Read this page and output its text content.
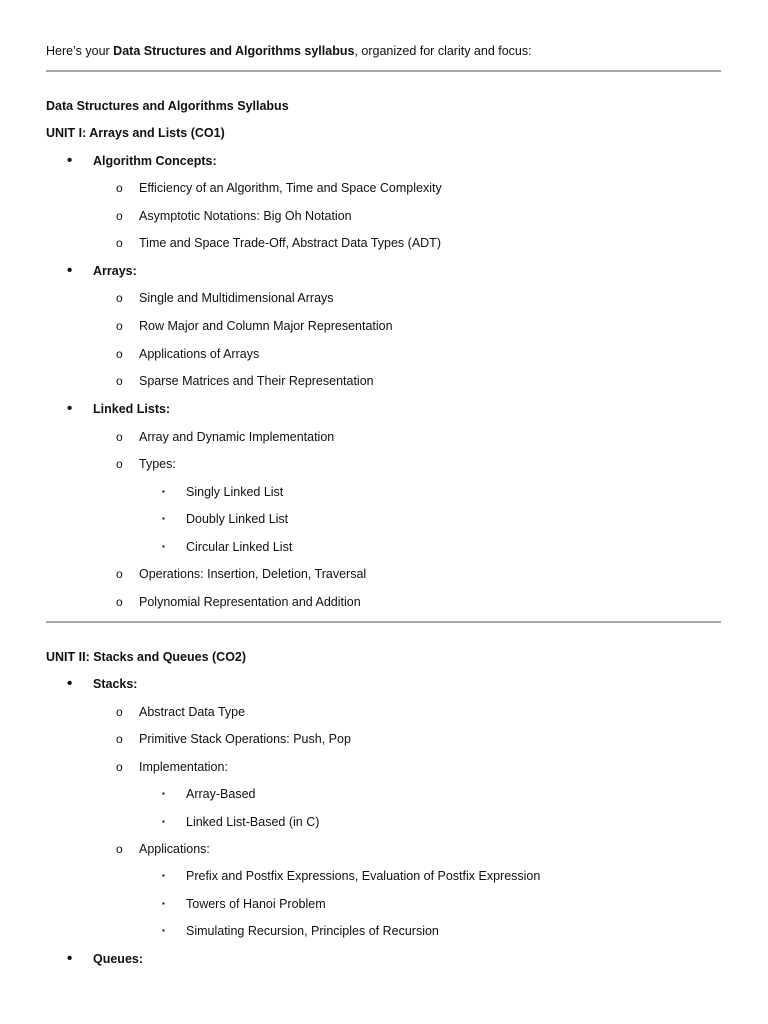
Here’s your Data Structures and Algorithms syllabus, organized for clarity and focus:
Data Structures and Algorithms Syllabus
UNIT I: Arrays and Lists (CO1)
• Algorithm Concepts:
o Efficiency of an Algorithm, Time and Space Complexity
o Asymptotic Notations: Big Oh Notation
o Time and Space Trade-Off, Abstract Data Types (ADT)
• Arrays:
o Single and Multidimensional Arrays
o Row Major and Column Major Representation
o Applications of Arrays
o Sparse Matrices and Their Representation
• Linked Lists:
o Array and Dynamic Implementation
o Types:
▪ Singly Linked List
▪ Doubly Linked List
▪ Circular Linked List
o Operations: Insertion, Deletion, Traversal
o Polynomial Representation and Addition
UNIT II: Stacks and Queues (CO2)
• Stacks:
o Abstract Data Type
o Primitive Stack Operations: Push, Pop
o Implementation:
▪ Array-Based
▪ Linked List-Based (in C)
o Applications:
▪ Prefix and Postfix Expressions, Evaluation of Postfix Expression
▪ Towers of Hanoi Problem
▪ Simulating Recursion, Principles of Recursion
• Queues:
